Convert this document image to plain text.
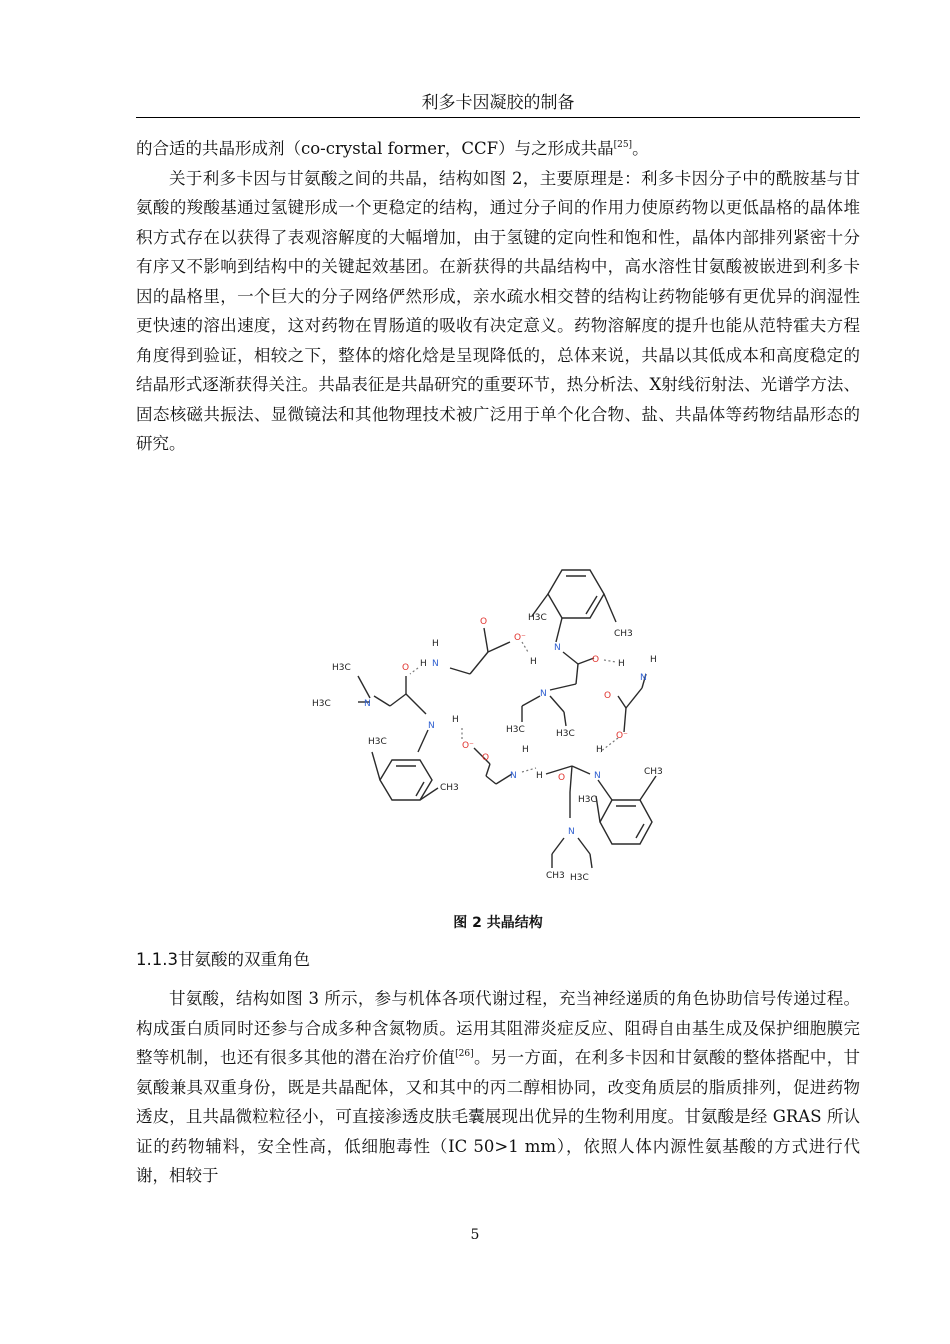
利多卡因凝胶的制备

的合适的共晶形成剂（co-crystal former，CCF）与之形成共晶[25]。

关于利多卡因与甘氨酸之间的共晶，结构如图 2，主要原理是：利多卡因分子中的酰胺基与甘氨酸的羧酸基通过氢键形成一个更稳定的结构，通过分子间的作用力使原药物以更低晶格的晶体堆积方式存在以获得了表观溶解度的大幅增加，由于氢键的定向性和饱和性，晶体内部排列紧密十分有序又不影响到结构中的关键起效基团。在新获得的共晶结构中，高水溶性甘氨酸被嵌进到利多卡因的晶格里，一个巨大的分子网络俨然形成，亲水疏水相交替的结构让药物能够有更优异的润湿性更快速的溶出速度，这对药物在胃肠道的吸收有决定意义。药物溶解度的提升也能从范特霍夫方程角度得到验证，相较之下，整体的熔化焓是呈现降低的，总体来说，共晶以其低成本和高度稳定的结晶形式逐渐获得关注。共晶表征是共晶研究的重要环节，热分析法、X射线衍射法、光谱学方法、固态核磁共振法、显微镜法和其他物理技术被广泛用于单个化合物、盐、共晶体等药物结晶形态的研究。

H3C
CH3
N
H	O H	H
N
N
H3C	H3C
O
O⁻
O
O⁻
H
H N
H3C	O
H3C	N
N
H
H3C	O⁻
O
CH3
H
N H O
H
N	CH3
H3C
N
CH3 H3C
图 2 共晶结构
1.1.3甘氨酸的双重角色

甘氨酸，结构如图 3 所示，参与机体各项代谢过程，充当神经递质的角色协助信号传递过程。构成蛋白质同时还参与合成多种含氮物质。运用其阻滞炎症反应、阻碍自由基生成及保护细胞膜完整等机制，也还有很多其他的潜在治疗价值[26]。另一方面，在利多卡因和甘氨酸的整体搭配中，甘氨酸兼具双重身份，既是共晶配体，又和其中的丙二醇相协同，改变角质层的脂质排列，促进药物透皮，且共晶微粒粒径小，可直接渗透皮肤毛囊展现出优异的生物利用度。甘氨酸是经 GRAS 所认证的药物辅料，安全性高，低细胞毒性（IC 50>1 mm），依照人体内源性氨基酸的方式进行代谢，相较于

5
